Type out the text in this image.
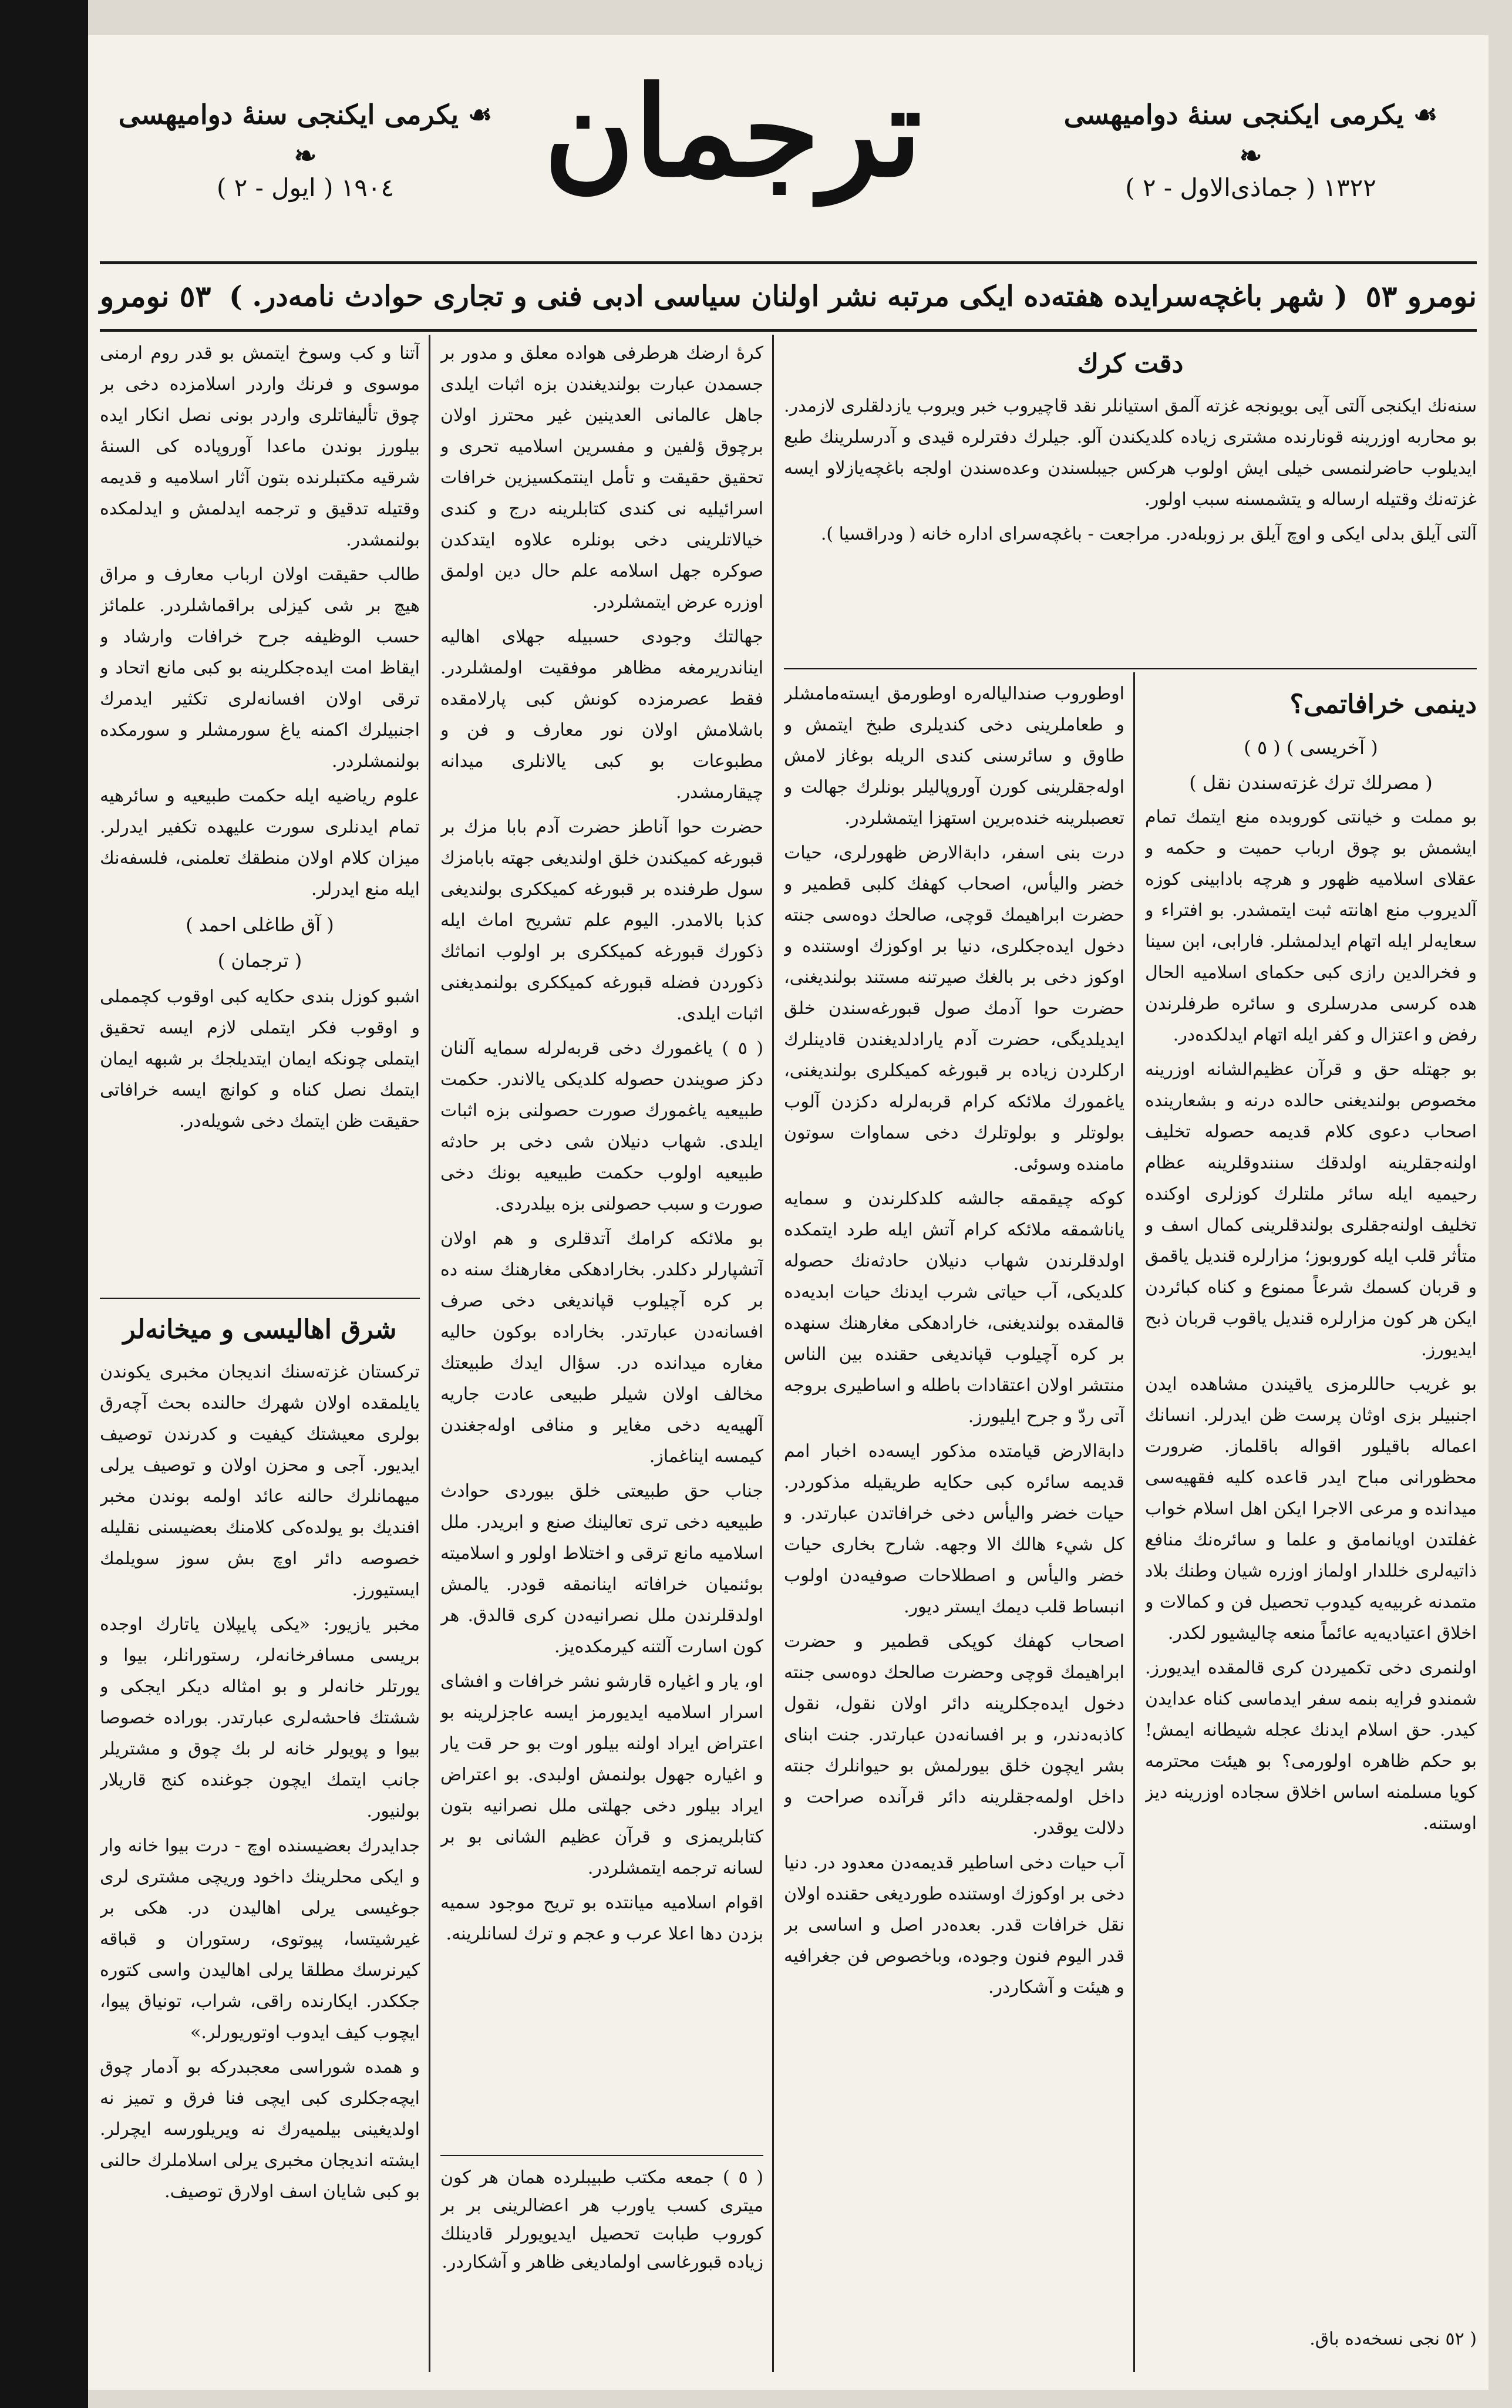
☙ يكرمى ايكنجى سنهٔ دواميهسى ❧
١٣٢٢ ( جماذى‌الاول - ٢ )
ترجمان
☙ يكرمى ايكنجى سنهٔ دواميهسى ❧
١٩٠٤ ( ايول - ٢ )
نومرو ٥٣
( شهر باغچه‌سرايده هفته‌ده ايكى مرتبه نشر اولنان سياسى ادبى فنى و تجارى حوادث نامه‌در. )
٥٣ نومرو
دقت كرك

سنه‌نك ايكنجى آلتى آيى بويونجه غزته آلمق استيانلر نقد قاچيروب خبر ويروب يازدلقلرى لازمدر. بو محاربه اوزرينه قونارنده مشترى زياده كلديكندن آلو. جيلرك دفترلره قيدى و آدرسلرينك طبع ايديلوب حاضرلنمسى خيلى ايش اولوب هركس جيبلسندن وعده‌سندن اولجه باغچه‌يازلاو ايسه غزته‌نك وقتيله ارساله و يتشمسنه سبب اولور.

آلتى آيلق بدلى ايكى و اوچ آيلق بر زوبله‌در. مراجعت - باغچه‌سراى اداره خانه ( ودراقسيا ).

دينمى خرافاتمى؟
( آخريسى ) ( ٥ )
( مصرلك ترك غزته‌سندن نقل )

بو مملت و خيانتى كوروبده منع ايتمك تمام ايشمش بو چوق ارباب حميت و حكمه و عقلاى اسلاميه ظهور و هرچه بادابينى كوزه آلديروب منع اهانته ثبت ايتمشدر. بو افتراء و سعايه‌لر ايله اتهام ايدلمشلر. فارابى، ابن سينا و فخرالدين رازى كبى حكماى اسلاميه الحال هده كرسى مدرسلرى و سائره طرفلرندن رفض و اعتزال و كفر ايله اتهام ايدلكده‌در.

بو جهتله حق و قرآن عظيم‌الشانه اوزرينه مخصوص بولنديغنى حالده درنه و بشعارينده اصحاب دعوى كلام قديمه حصوله تخليف اولنه‌جقلرينه اولدقك سنندو‌قلرينه عظام رحيميه ايله سائر ملتلرك كوزلرى اوكنده تخليف اولنه‌جقلرى بولندقلرينى كمال اسف و متأثر قلب ايله كوروبوز؛ مزارلره قنديل ياقمق و قربان كسمك شرعاً ممنوع و كناه كبائردن ايكن هر كون مزارلره قنديل ياقوب قربان ذبح ايديورز.

بو غريب حاللرمزى ياقيندن مشاهده ايدن اجنبيلر بزى اوثان پرست ظن ايدرلر. انسانك اعماله باقيلور اقواله باقلماز. ضرورت محظورانى مباح ايدر قاعده كليه فقهيه‌سى ميدانده و مرعى الاجرا ايكن اهل اسلام خواب غفلتدن اويانمامق و علما و سائره‌نك منافع ذاتيه‌لرى خللدار اولماز اوزره شيان وطنك بلاد متمدنه غربيه‌يه كيدوب تحصيل فن و كمالات و اخلاق اعتياديه‌يه عائماً منعه چاليشيور لكدر.

اولنمرى دخى تكميردن كرى قالمقده ايديورز. شمندو فرايه بنمه سفر ايدماسى كناه عدايدن كيدر. حق اسلام ايدنك عجله شيطانه ايمش! بو حكم ظاهره اولورمى؟ بو هيئت محترمه كويا مسلمنه اساس اخلاق سجاده اوزرينه ديز اوستنه.

( ٥٢ نجى نسخه‌ده باق.

اوطوروب صندالياله‌ره اوطورمق ايسته‌مامشلر و طعاملرينى دخى كنديلرى طبخ ايتمش و طاوق و سائرسنى كندى الريله بوغاز لامش اوله‌جقلرينى كورن آوروپاليلر بونلرك جهالت و تعصبلرينه خنده‌برين استهزا ايتمشلردر.

درت بنى اسفر، دابة‌الارض ظهورلرى، حيات خضر واليأس، اصحاب كهفك كلبى قطمير و حضرت ابراهيمك قوچى، صالحك دوه‌سى جنته دخول ايده‌جكلرى، دنيا بر اوكوزك اوستنده و اوكوز دخى بر بالغك صيرتنه مستند بولنديغنى، حضرت حوا آدمك صول قبورغه‌سندن خلق ايديلديگى، حضرت آدم يارادلديغندن قادينلرك اركلردن زياده بر قبورغه كميكلرى بولنديغنى، ياغمورك ملائكه كرام قربه‌لرله دكزدن آلوب بولوتلر و بولوتلرك دخى سماوات سوتون مامنده وسوئى.

كوكه چيقمقه جالشه كلدكلرندن و سمايه ياناشمقه ملائكه كرام آتش ايله طرد ايتمكده اولدقلرندن شهاب دنيلان حادثه‌نك حصوله كلديكى، آب حياتى شرب ايدنك حيات ابديه‌ده قالمقده بولنديغنى، خارادهكى مغارهنك سنهده بر كره آچيلوب قپانديغى حقنده بين الناس منتشر اولان اعتقادات باطله و اساطيرى بروجه آتى ردّ و جرح ايليورز.

دابة‌الارض قيامتده مذكور ايسه‌ده اخبار امم قديمه سائره كبى حكايه طريقيله مذكوردر. حيات خضر واليأس دخى خرافاتدن عبارتدر. و كل شيء هالك الا وجهه. شارح بخارى حيات خضر واليأس و اصطلاحات صوفيه‌دن اولوب انبساط قلب ديمك ايستر ديور.

اصحاب كهفك كوپكى قطمير و حضرت ابراهيمك قوچى وحضرت صالحك دوه‌سى جنته دخول ايده‌جكلرينه دائر اولان نقول، نقول كاذبه‌دندر، و بر افسانه‌دن عبارتدر. جنت ابناى بشر ايچون خلق بيورلمش بو حيوانلرك جنته داخل اولمه‌جقلرينه دائر قرآنده صراحت و دلالت يوقدر.

آب حيات دخى اساطير قديمه‌دن معدود در. دنيا دخى بر اوكوزك اوستنده طورديغى حقنده اولان نقل خرافات قدر. بعده‌در اصل و اساسى بر قدر اليوم فنون وجوده، وباخصوص فن جغرافيه و هيئت و آشكاردر.

كرهٔ ارضك هرطرفى هواده معلق و مدور بر جسمدن عبارت بولنديغندن بزه اثبات ايلدى جاهل عالمانى العدينين غير محترز اولان برچوق ؤلفين و مفسرين اسلاميه تحرى و تحقيق حقيقت و تأمل اينتمكسيزين خرافات اسرائيليه نى كندى كتابلرينه درج و كندى خيالاتلرينى دخى بونلره علاوه ايتدكدن صوكره جهل اسلامه علم حال دين اولمق اوزره عرض ايتمشلردر.

جهالتك وجودى حسبيله جهلاى اهاليه ايناندريرمغه مظاهر موفقيت اولمشلردر. فقط عصرمزده كونش كبى پارلامقده باشلامش اولان نور معارف و فن و مطبوعات بو كبى يالانلرى ميدانه چيقارمشدر.

حضرت حوا آناطز حضرت آدم بابا مزك بر قبورغه كميكندن خلق اولنديغى جهته بابامزك سول طرفنده بر قبورغه كميككرى بولنديغى كذبا بالامدر. اليوم علم تشريح اماث ايله ذكورك قبورغه كميككرى بر اولوب انماثك ذكوردن فضله قبورغه كميككرى بولنمديغنى اثبات ايلدى.

( ٥ ) ياغمورك دخى قربه‌لرله سمايه آلنان دكز صويندن حصوله كلديكى يالاندر. حكمت طبيعيه ياغمورك صورت حصولنى بزه اثبات ايلدى. شهاب دنيلان شى دخى بر حادثه طبيعيه اولوب حكمت طبيعيه بونك دخى صورت و سبب حصولنى بزه بيلدردى.

بو ملائكه كرامك آتدقلرى و هم اولان آتشپارلر دكلدر. بخارادهكى مغارهنك سنه ده بر كره آچيلوب قپانديغى دخى صرف افسانه‌دن عبارتدر. بخاراده بوكون حاليه مغاره ميدانده در. سؤال ايدك طبيعتك مخالف اولان شيلر طبيعى عادت جاريه آلهيه‌يه دخى مغاير و منافى اوله‌جغندن كيمسه ايناغماز.

جناب حق طبيعتى خلق بيوردى حوادث طبيعيه دخى ترى تعالينك صنع و ابريدر. ملل اسلاميه مانع ترقى و اختلاط اولور و اسلاميته بوئنميان خرافاته اينانمقه قودر. يالمش اولدقلرندن ملل نصرانيه‌دن كرى قالدق. هر كون اسارت آلتنه كيرمكده‌يز.

او، يار و اغياره قارشو نشر خرافات و افشاى اسرار اسلاميه ايديورمز ايسه عاجزلرينه بو اعتراض ايراد اولنه بيلور اوت بو حر قت يار و اغياره جهول بولنمش اولبدى. بو اعتراض ايراد بيلور دخى جهلتى ملل نصرانيه بتون كتابلريمزى و قرآن عظيم الشانى بو بر لسانه ترجمه ايتمشلردر.

اقوام اسلاميه ميانتده بو تريح موجود سميه بزدن دها اعلا عرب و عجم و ترك لسانلرينه.

( ٥ ) جمعه مكتب طبيبلرده همان هر كون ميترى كسب ياورب هر اعضالرينى بر بر كوروب طبابت تحصيل ايديويورلر قادينلك زياده قبورغاسى اولماديغى ظاهر و آشكاردر.

آتنا و كب وسوخ ايتمش بو قدر روم ارمنى موسوى و فرنك واردر اسلامزده دخى بر چوق تأليفاتلرى واردر بونى نصل انكار ايده بيلورز بوندن ماعدا آوروپاده كى السنهٔ شرقيه مكتبلرنده بتون آثار اسلاميه و قديمه وقتيله تدقيق و ترجمه ايدلمش و ايدلمكده بولنمشدر.

طالب حقيقت اولان ارباب معارف و مراق هيچ بر شى كيزلى براقماشلردر. علمائز حسب الوظيفه جرح خرافات وارشاد و ايقاظ امت ايده‌جكلرينه بو كبى مانع اتحاد و ترقى اولان افسانه‌لرى تكثير ايدمرك اجنبيلرك اكمنه ياغ سورمشلر و سورمكده بولنمشلردر.

علوم رياضيه ايله حكمت طبيعيه و سائرهيه تمام ايدنلرى سورت عليهده تكفير ايدرلر. ميزان كلام اولان منطقك تعلمنى، فلسفه‌نك ايله منع ايدرلر.

( آق طاغلى احمد )
( ترجمان )

اشبو كوزل بندى حكايه كبى اوقوب كچمملى و اوقوب فكر ايتملى لازم ايسه تحقيق ايتملى چونكه ايمان ايتديلجك بر شبهه ايمان ايتمك نصل كناه و كوانچ ايسه خرافاتى حقيقت ظن ايتمك دخى شويله‌در.

شرق اهاليسى و ميخانه‌لر

تركستان غزته‌سنك انديجان مخبرى يكوندن يايلمقده اولان شهرك حالنده بحث آچه‌رق بولرى معيشتك كيفيت و كدرندن توصيف ايديور. آجى و محزن اولان و توصيف يرلى ميهمانلرك حالنه عائد اولمه بوندن مخبر افنديك بو يولده‌كى كلامنك بعضيسنى نقليله خصوصه دائر اوچ بش سوز سويلمك ايستيورز.

مخبر يازيور: «يكى پايپلان ياتارك اوجده بريسى مسافرخانه‌لر، رستورانلر، بيوا و يورتلر خانه‌لر و بو امثاله ديكر ايجكى و ششتك فاحشه‌لرى عبارتدر. بوراده خصوصا بيوا و پويولر خانه لر بك چوق و مشتريلر جانب ايتمك ايچون جوغنده كنج قاريلار بولنيور.

جدايدرك بعضيسنده اوچ - درت بيوا خانه وار و ايكى محلرينك داخود وريچى مشترى لرى جوغيسى يرلى اهاليدن در. هكى بر غيرشيتسا، پيوتوى، رستوران و قباقه كيرنرسك مطلقا يرلى اهاليدن واسى كتوره جككدر. ايكارنده راقى، شراب، تونياق پيوا، ايچوب كيف ايدوب اوتوريورلر.»

و همده شوراسى معجبدركه بو آدمار چوق ايچه‌جكلرى كبى ايچى فنا فرق و تميز نه اولديغينى بيلميه‌رك نه ويريلورسه ايچرلر. ايشته انديجان مخبرى يرلى اسلاملرك حالنى بو كبى شايان اسف اولارق توصيف.
